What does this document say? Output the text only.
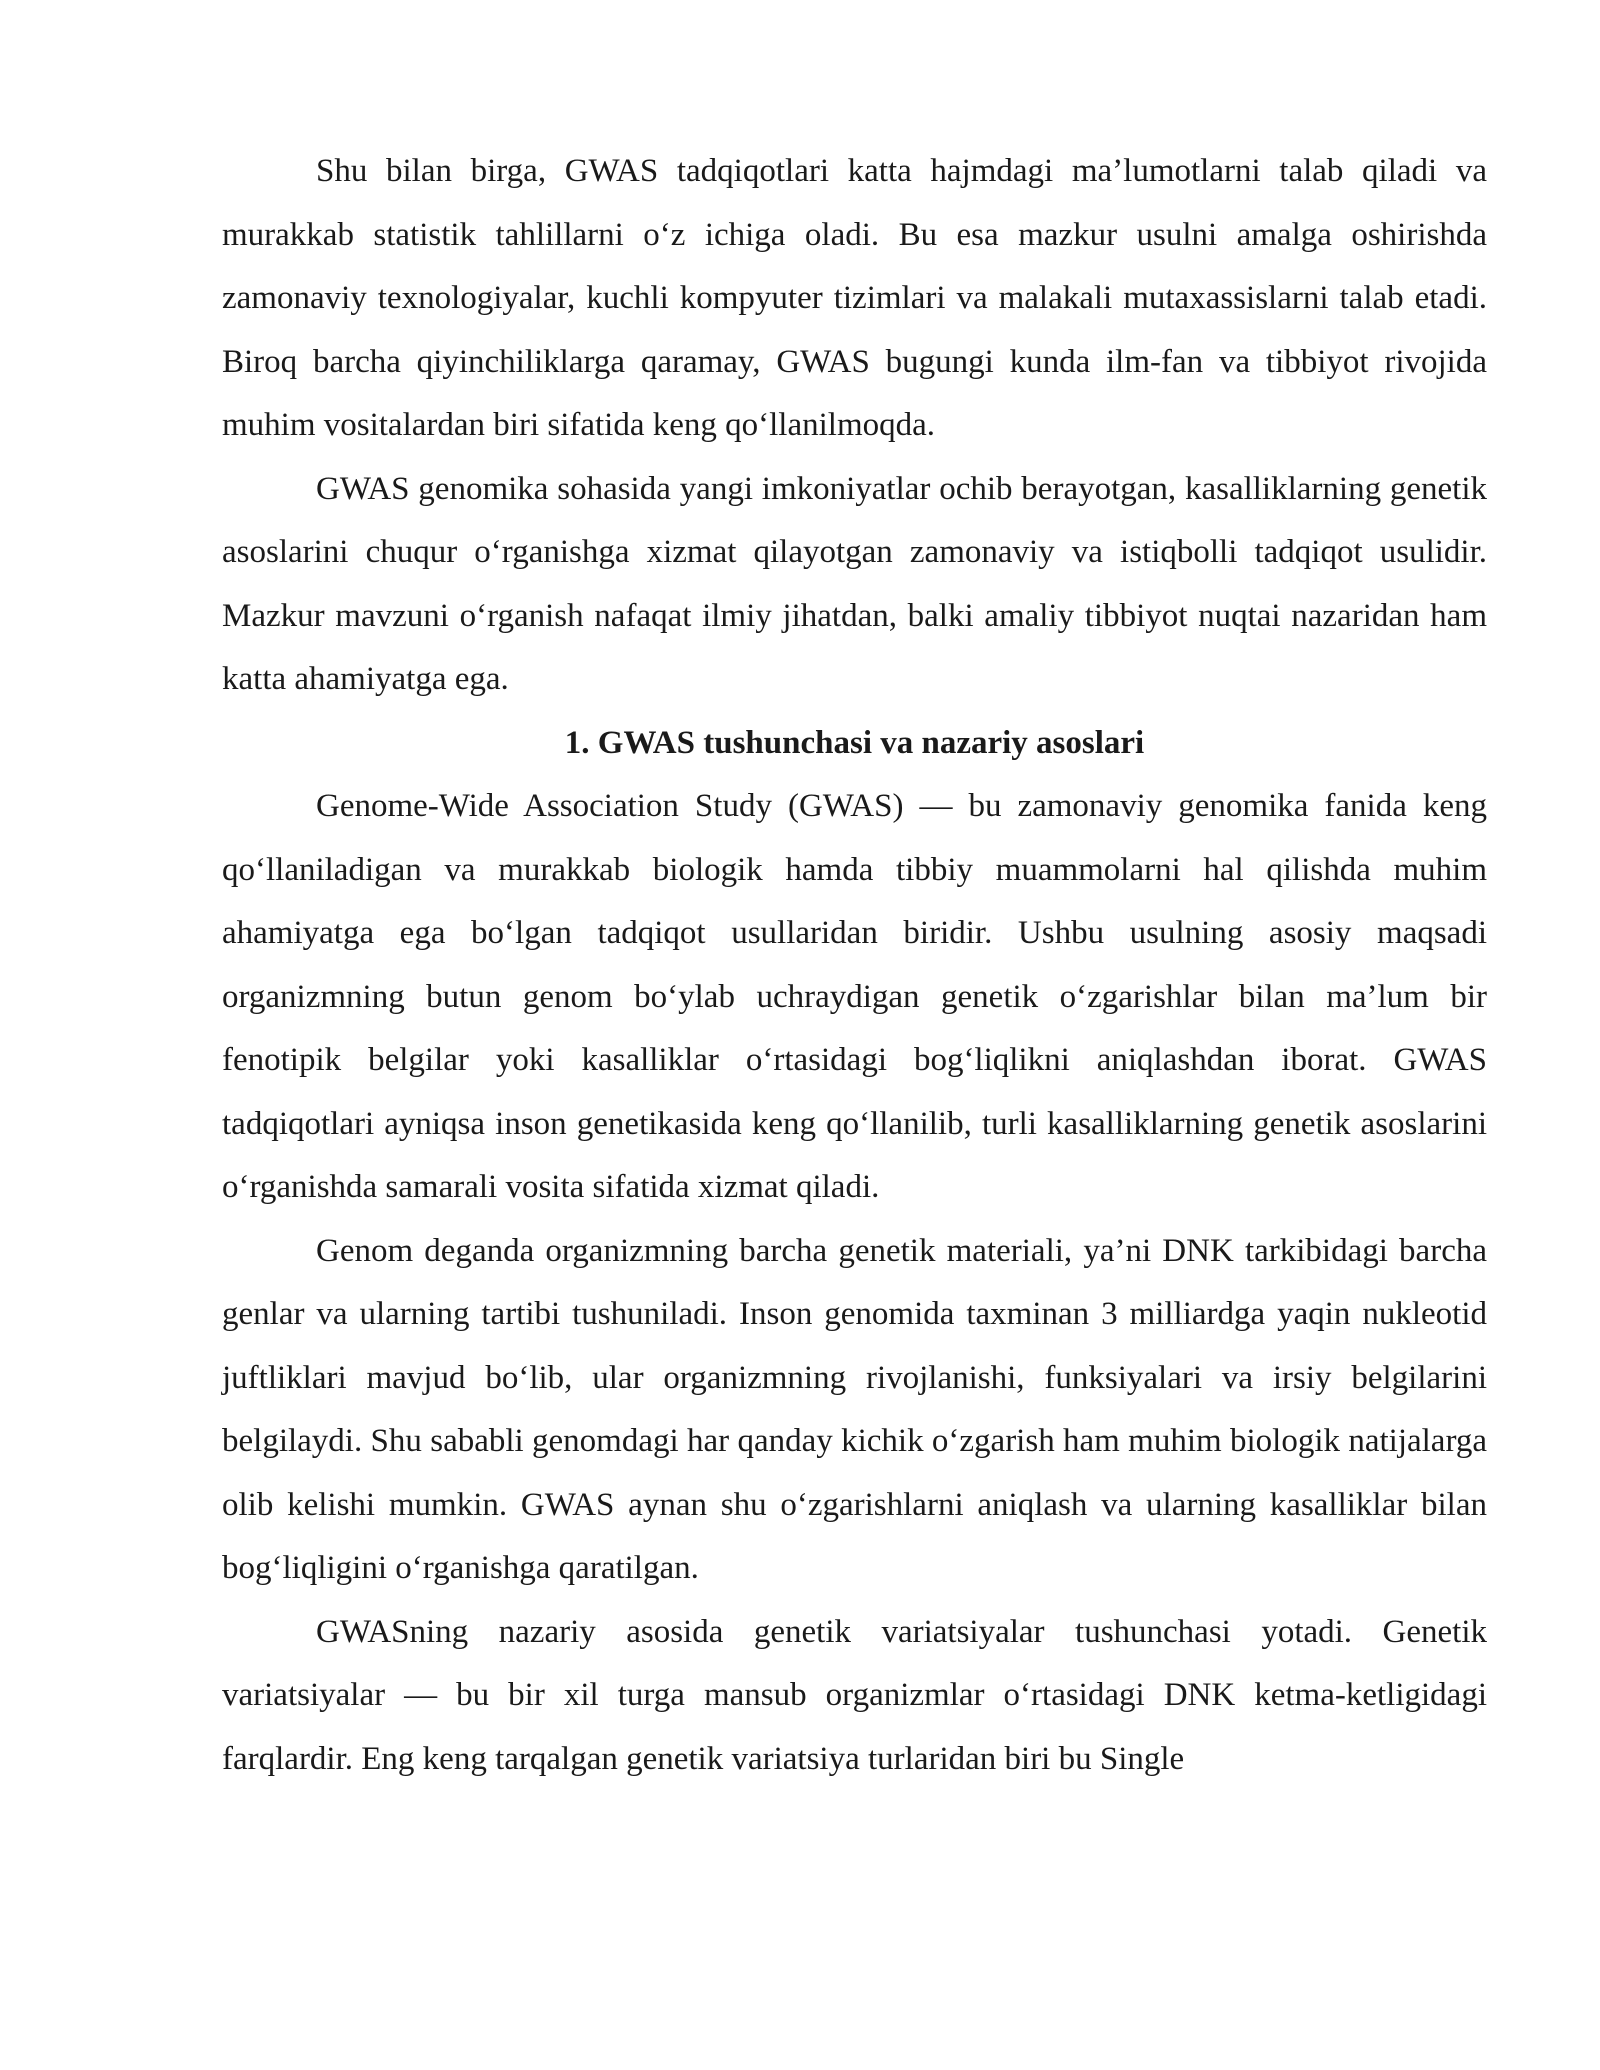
Shu bilan birga, GWAS tadqiqotlari katta hajmdagi ma’lumotlarni talab qiladi va murakkab statistik tahlillarni o‘z ichiga oladi. Bu esa mazkur usulni amalga oshirishda zamonaviy texnologiyalar, kuchli kompyuter tizimlari va malakali mutaxassislarni talab etadi. Biroq barcha qiyinchiliklarga qaramay, GWAS bugungi kunda ilm-fan va tibbiyot rivojida muhim vositalardan biri sifatida keng qo‘llanilmoqda.

GWAS genomika sohasida yangi imkoniyatlar ochib berayotgan, kasalliklarning genetik asoslarini chuqur o‘rganishga xizmat qilayotgan zamonaviy va istiqbolli tadqiqot usulidir. Mazkur mavzuni o‘rganish nafaqat ilmiy jihatdan, balki amaliy tibbiyot nuqtai nazaridan ham katta ahamiyatga ega.

1. GWAS tushunchasi va nazariy asoslari

Genome-Wide Association Study (GWAS) — bu zamonaviy genomika fanida keng qo‘llaniladigan va murakkab biologik hamda tibbiy muammolarni hal qilishda muhim ahamiyatga ega bo‘lgan tadqiqot usullaridan biridir. Ushbu usulning asosiy maqsadi organizmning butun genom bo‘ylab uchraydigan genetik o‘zgarishlar bilan ma’lum bir fenotipik belgilar yoki kasalliklar o‘rtasidagi bog‘liqlikni aniqlashdan iborat. GWAS tadqiqotlari ayniqsa inson genetikasida keng qo‘llanilib, turli kasalliklarning genetik asoslarini o‘rganishda samarali vosita sifatida xizmat qiladi.

Genom deganda organizmning barcha genetik materiali, ya’ni DNK tarkibidagi barcha genlar va ularning tartibi tushuniladi. Inson genomida taxminan 3 milliardga yaqin nukleotid juftliklari mavjud bo‘lib, ular organizmning rivojlanishi, funksiyalari va irsiy belgilarini belgilaydi. Shu sababli genomdagi har qanday kichik o‘zgarish ham muhim biologik natijalarga olib kelishi mumkin. GWAS aynan shu o‘zgarishlarni aniqlash va ularning kasalliklar bilan bog‘liqligini o‘rganishga qaratilgan.

GWASning nazariy asosida genetik variatsiyalar tushunchasi yotadi. Genetik variatsiyalar — bu bir xil turga mansub organizmlar o‘rtasidagi DNK ketma-ketligidagi farqlardir. Eng keng tarqalgan genetik variatsiya turlaridan biri bu Single
